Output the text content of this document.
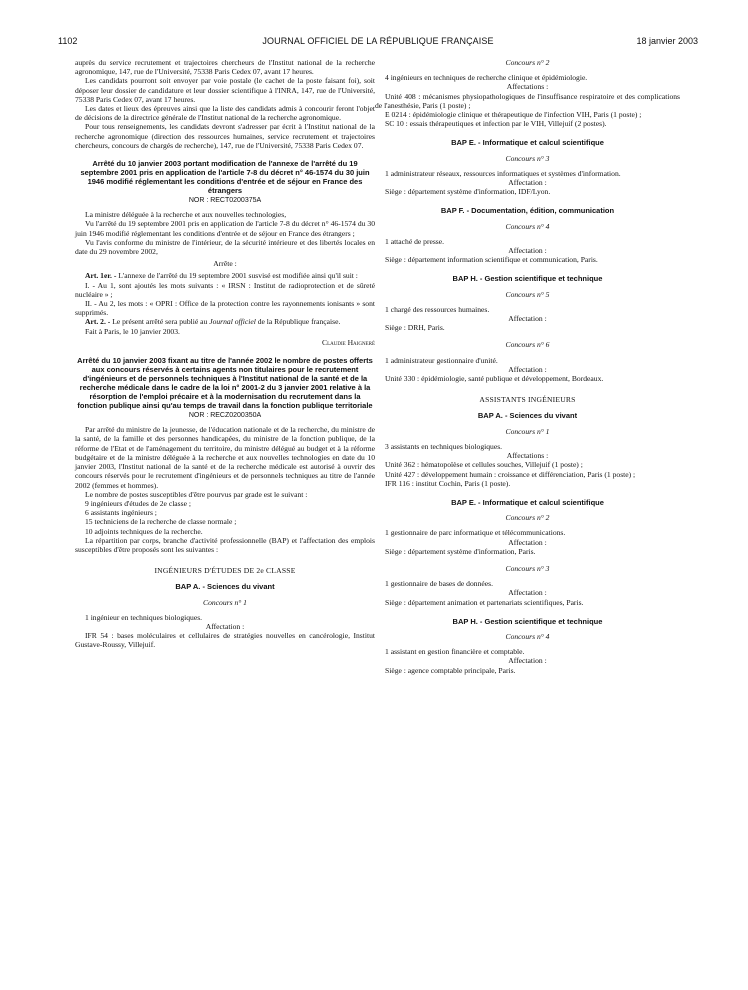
1102	JOURNAL OFFICIEL DE LA RÉPUBLIQUE FRANÇAISE	18 janvier 2003

auprès du service recrutement et trajectoires chercheurs de l'Institut national de la recherche agronomique, 147, rue de l'Université, 75338 Paris Cedex 07, avant 17 heures.

Les candidats pourront soit envoyer par voie postale (le cachet de la poste faisant foi), soit déposer leur dossier de candidature et leur dossier scientifique à l'INRA, 147, rue de l'Université, 75338 Paris Cedex 07, avant 17 heures.

Les dates et lieux des épreuves ainsi que la liste des candidats admis à concourir feront l'objet de décisions de la directrice générale de l'Institut national de la recherche agronomique.

Pour tous renseignements, les candidats devront s'adresser par écrit à l'Institut national de la recherche agronomique (direction des ressources humaines, service recrutement et trajectoires chercheurs, concours de chargés de recherche), 147, rue de l'Université, 75338 Paris Cedex 07.

Arrêté du 10 janvier 2003 portant modification de l'annexe de l'arrêté du 19 septembre 2001 pris en application de l'article 7-8 du décret n° 46-1574 du 30 juin 1946 modifié réglementant les conditions d'entrée et de séjour en France des étrangers
NOR : RECT0200375A

La ministre déléguée à la recherche et aux nouvelles technologies,

Vu l'arrêté du 19 septembre 2001 pris en application de l'article 7-8 du décret n° 46-1574 du 30 juin 1946 modifié réglementant les conditions d'entrée et de séjour en France des étrangers ;

Vu l'avis conforme du ministre de l'intérieur, de la sécurité intérieure et des libertés locales en date du 29 novembre 2002,

Arrête :

Art. 1er. - L'annexe de l'arrêté du 19 septembre 2001 susvisé est modifiée ainsi qu'il suit :

I. - Au 1, sont ajoutés les mots suivants : « IRSN : Institut de radioprotection et de sûreté nucléaire » ;

II. - Au 2, les mots : « OPRI : Office de la protection contre les rayonnements ionisants » sont supprimés.

Art. 2. - Le présent arrêté sera publié au Journal officiel de la République française.

Fait à Paris, le 10 janvier 2003.

Claudie Haigneré
Arrêté du 10 janvier 2003 fixant au titre de l'année 2002 le nombre de postes offerts aux concours réservés à certains agents non titulaires pour le recrutement d'ingénieurs et de personnels techniques à l'Institut national de la santé et de la recherche médicale dans le cadre de la loi n° 2001-2 du 3 janvier 2001 relative à la résorption de l'emploi précaire et à la modernisation du recrutement dans la fonction publique ainsi qu'au temps de travail dans la fonction publique territoriale
NOR : RECZ0200350A

Par arrêté du ministre de la jeunesse, de l'éducation nationale et de la recherche, du ministre de la santé, de la famille et des personnes handicapées, du ministre de la fonction publique, de la réforme de l'Etat et de l'aménagement du territoire, du ministre délégué au budget et à la réforme budgétaire et de la ministre déléguée à la recherche et aux nouvelles technologies en date du 10 janvier 2003, l'Institut national de la santé et de la recherche médicale est autorisé à ouvrir des concours réservés pour le recrutement d'ingénieurs et de personnels techniques au titre de l'année 2002 (femmes et hommes).

Le nombre de postes susceptibles d'être pourvus par grade est le suivant :

9 ingénieurs d'études de 2e classe ;

6 assistants ingénieurs ;

15 techniciens de la recherche de classe normale ;

10 adjoints techniques de la recherche.

La répartition par corps, branche d'activité professionnelle (BAP) et l'affectation des emplois susceptibles d'être proposés sont les suivantes :

INGÉNIEURS D'ÉTUDES DE 2e CLASSE
BAP A. - Sciences du vivant
Concours n° 1

1 ingénieur en techniques biologiques.

Affectation :

IFR 54 : bases moléculaires et cellulaires de stratégies nouvelles en cancérologie, Institut Gustave-Roussy, Villejuif.

Concours n° 2

4 ingénieurs en techniques de recherche clinique et épidémiologie.

Affectations :

Unité 408 : mécanismes physiopathologiques de l'insuffisance respiratoire et des complications de l'anesthésie, Paris (1 poste) ;

E 0214 : épidémiologie clinique et thérapeutique de l'infection VIH, Paris (1 poste) ;

SC 10 : essais thérapeutiques et infection par le VIH, Villejuif (2 postes).

BAP E. - Informatique et calcul scientifique
Concours n° 3

1 administrateur réseaux, ressources informatiques et systèmes d'information.

Affectation :

Siège : département système d'information, IDF/Lyon.

BAP F. - Documentation, édition, communication
Concours n° 4

1 attaché de presse.

Affectation :

Siège : département information scientifique et communication, Paris.

BAP H. - Gestion scientifique et technique
Concours n° 5

1 chargé des ressources humaines.

Affectation :

Siège : DRH, Paris.

Concours n° 6

1 administrateur gestionnaire d'unité.

Affectation :

Unité 330 : épidémiologie, santé publique et développement, Bordeaux.

ASSISTANTS INGÉNIEURS
BAP A. - Sciences du vivant
Concours n° 1

3 assistants en techniques biologiques.

Affectations :

Unité 362 : hématopoïèse et cellules souches, Villejuif (1 poste) ;

Unité 427 : développement humain : croissance et différenciation, Paris (1 poste) ;

IFR 116 : institut Cochin, Paris (1 poste).

BAP E. - Informatique et calcul scientifique
Concours n° 2

1 gestionnaire de parc informatique et télécommunications.

Affectation :

Siège : département système d'information, Paris.

Concours n° 3

1 gestionnaire de bases de données.

Affectation :

Siège : département animation et partenariats scientifiques, Paris.

BAP H. - Gestion scientifique et technique
Concours n° 4

1 assistant en gestion financière et comptable.

Affectation :

Siège : agence comptable principale, Paris.
